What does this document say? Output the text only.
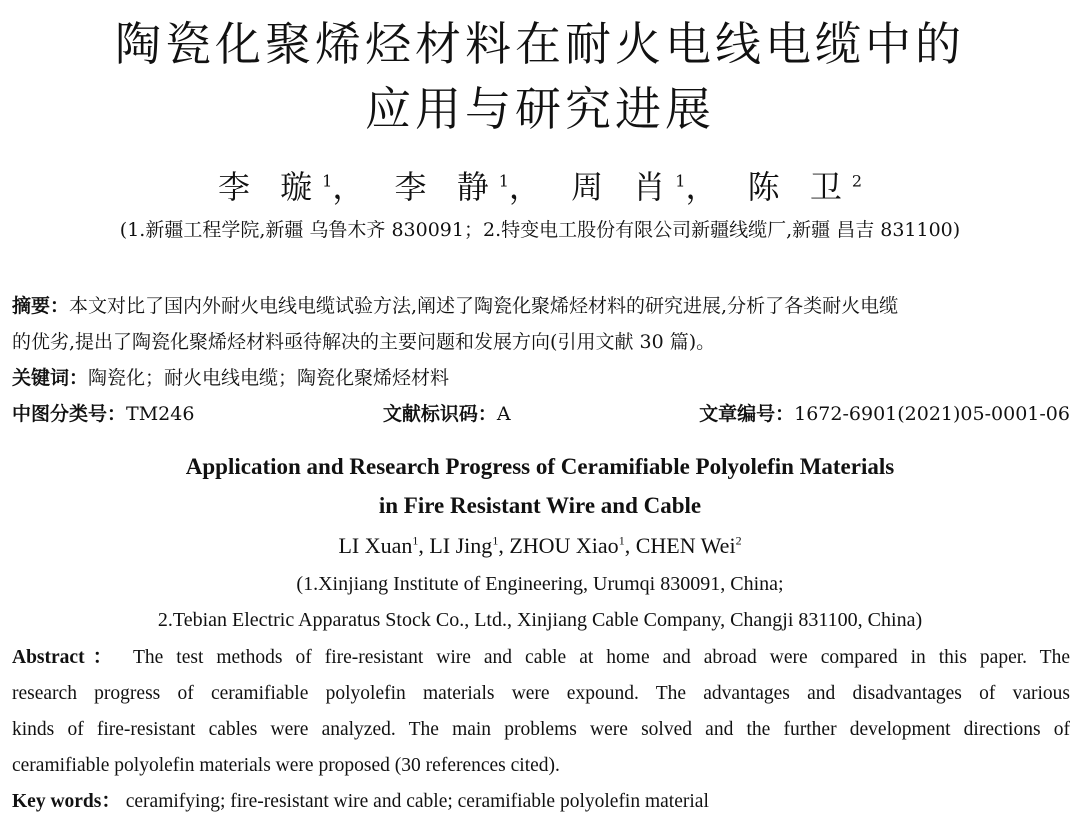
陶瓷化聚烯烃材料在耐火电线电缆中的
应用与研究进展
李 璇$^1$， 李 静$^1$， 周 肖$^1$， 陈 卫$^2$
(1.新疆工程学院,新疆 乌鲁木齐 830091；2.特变电工股份有限公司新疆线缆厂,新疆 昌吉 831100)
摘要：本文对比了国内外耐火电线电缆试验方法,阐述了陶瓷化聚烯烃材料的研究进展,分析了各类耐火电缆
的优劣,提出了陶瓷化聚烯烃材料亟待解决的主要问题和发展方向(引用文献 30 篇)。
关键词：陶瓷化；耐火电线电缆；陶瓷化聚烯烃材料
中图分类号：TM246	文献标识码：A	文章编号：1672-6901(2021)05-0001-06
Application and Research Progress of Ceramifiable Polyolefin Materials
in Fire Resistant Wire and Cable
LI Xuan$^1$, LI Jing$^1$, ZHOU Xiao$^1$, CHEN Wei$^2$
(1.Xinjiang Institute of Engineering, Urumqi 830091, China;
2.Tebian Electric Apparatus Stock Co., Ltd., Xinjiang Cable Company, Changji 831100, China)
Abstract： The test methods of fire-resistant wire and cable at home and abroad were compared in this paper. The
research progress of ceramifiable polyolefin materials were expound. The advantages and disadvantages of various
kinds of fire-resistant cables were analyzed. The main problems were solved and the further development directions of
ceramifiable polyolefin materials were proposed (30 references cited).
Key words： ceramifying; fire-resistant wire and cable; ceramifiable polyolefin material
